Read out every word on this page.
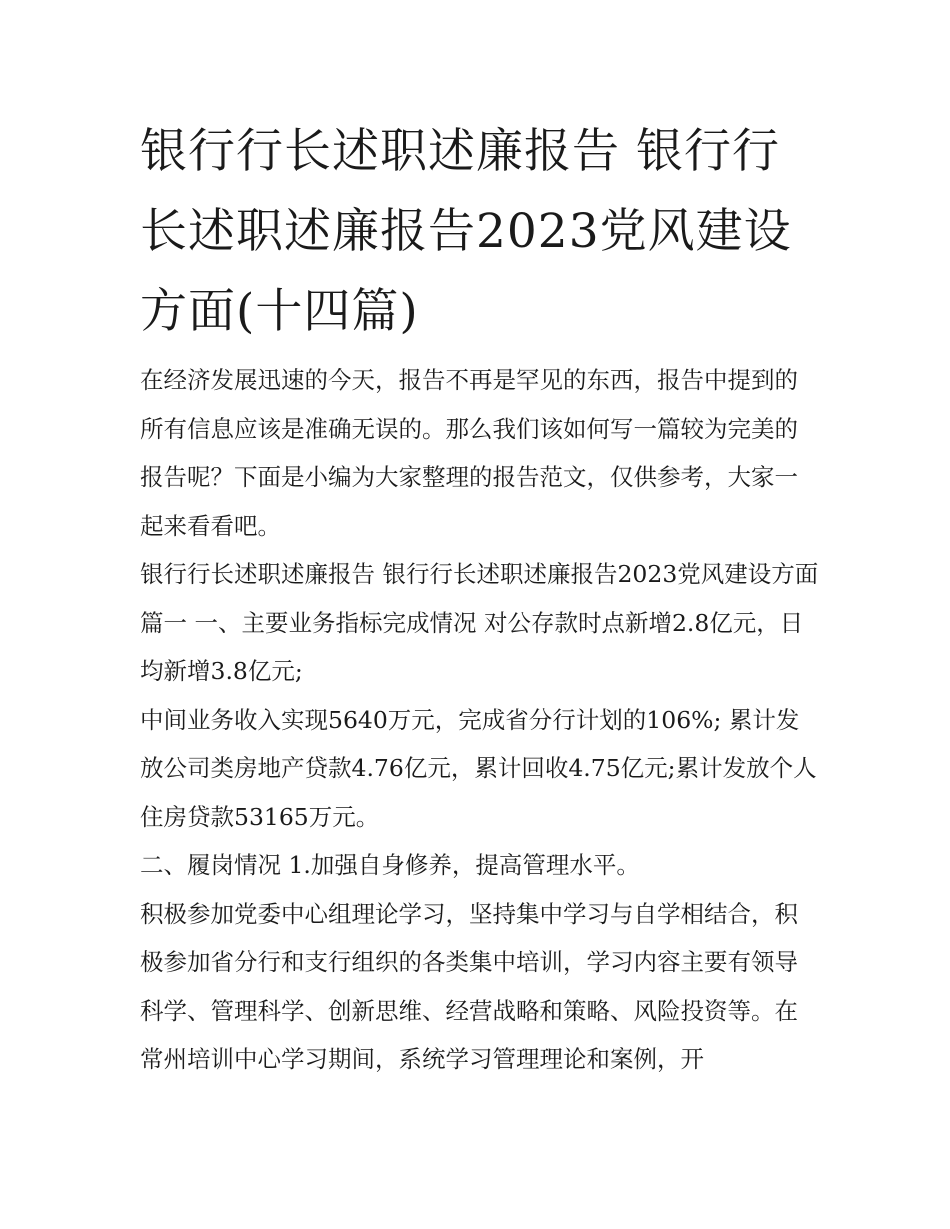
银行行长述职述廉报告 银行行长述职述廉报告2023党风建设方面(十四篇)

在经济发展迅速的今天，报告不再是罕见的东西，报告中提到的所有信息应该是准确无误的。那么我们该如何写一篇较为完美的报告呢？下面是小编为大家整理的报告范文，仅供参考，大家一起来看看吧。

银行行长述职述廉报告 银行行长述职述廉报告2023党风建设方面篇一 一、主要业务指标完成情况 对公存款时点新增2.8亿元，日均新增3.8亿元;

中间业务收入实现5640万元，完成省分行计划的106%; 累计发放公司类房地产贷款4.76亿元，累计回收4.75亿元;累计发放个人住房贷款53165万元。

二、履岗情况 1.加强自身修养，提高管理水平。

积极参加党委中心组理论学习，坚持集中学习与自学相结合，积极参加省分行和支行组织的各类集中培训，学习内容主要有领导科学、管理科学、创新思维、经营战略和策略、风险投资等。在常州培训中心学习期间，系统学习管理理论和案例，开
